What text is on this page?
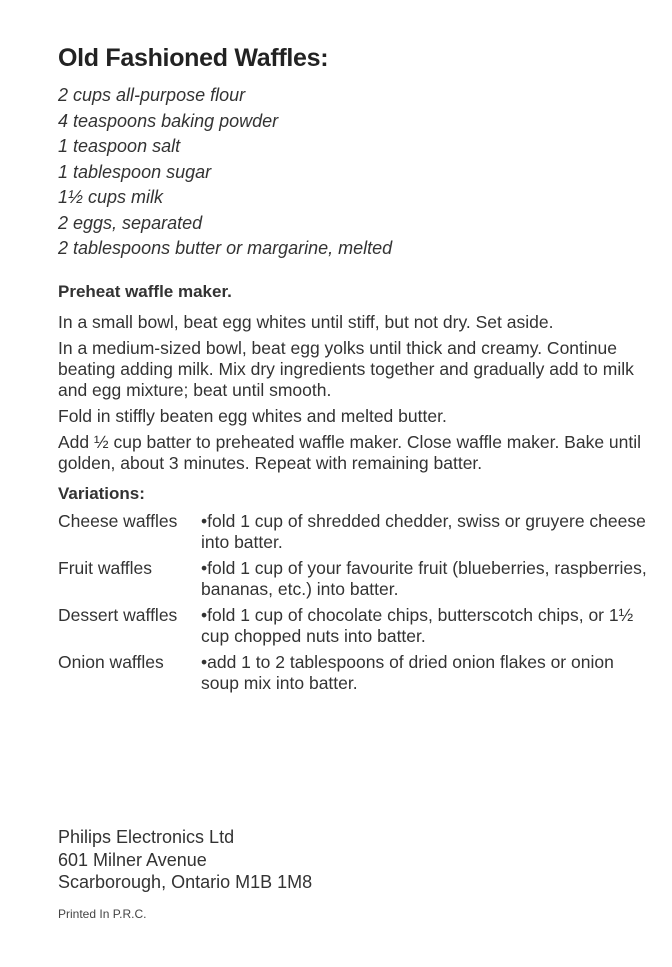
Old Fashioned Waffles:
2 cups all-purpose flour
4 teaspoons baking powder
1 teaspoon salt
1 tablespoon sugar
1½ cups milk
2 eggs, separated
2 tablespoons butter or margarine, melted
Preheat waffle maker.

In a small bowl, beat egg whites until stiff, but not dry. Set aside.

In a medium-sized bowl, beat egg yolks until thick and creamy. Continue beating adding milk. Mix dry ingredients together and gradually add to milk and egg mixture; beat until smooth.

Fold in stiffly beaten egg whites and melted butter.

Add ½ cup batter to preheated waffle maker. Close waffle maker. Bake until golden, about 3 minutes. Repeat with remaining batter.

Variations:
Cheese waffles	•fold 1 cup of shredded chedder, swiss or gruyere cheese into batter.
Fruit waffles	•fold 1 cup of your favourite fruit (blueberries, raspberries, bananas, etc.) into batter.
Dessert waffles	•fold 1 cup of chocolate chips, butterscotch chips, or 1½ cup chopped nuts into batter.
Onion waffles	•add 1 to 2 tablespoons of dried onion flakes or onion soup mix into batter.
Philips Electronics Ltd
601 Milner Avenue
Scarborough, Ontario M1B 1M8
Printed In P.R.C.
